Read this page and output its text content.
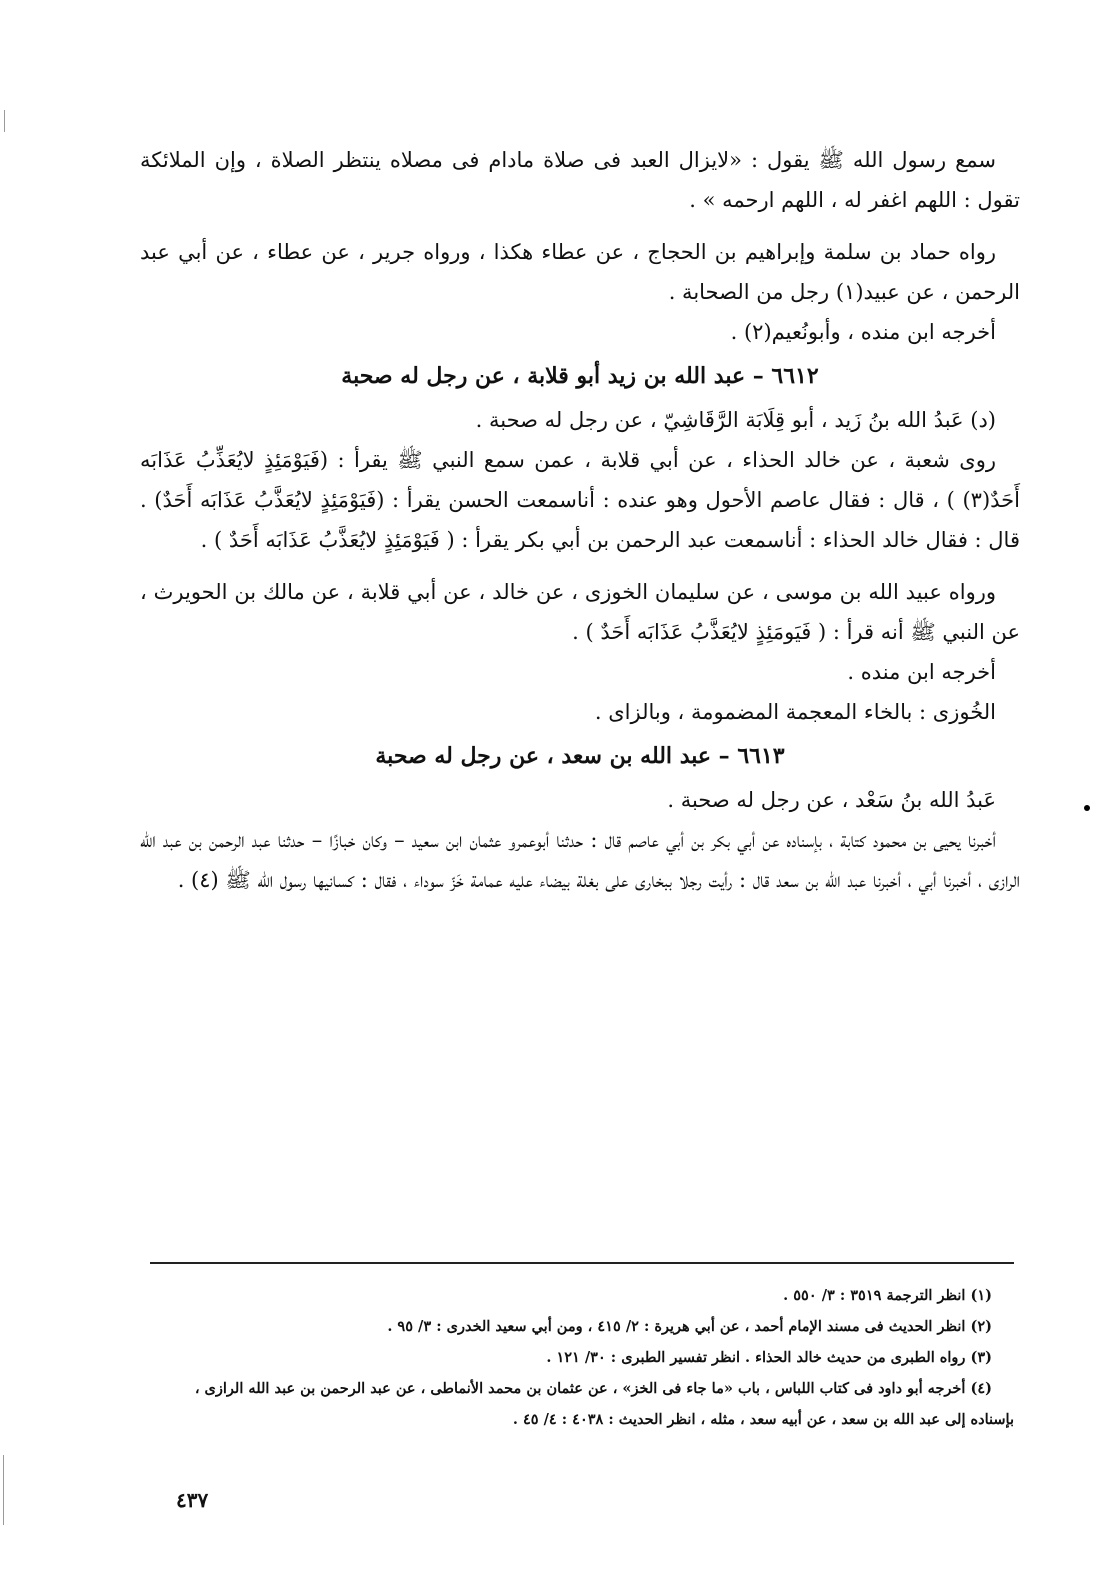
سمع رسول الله ﷺ يقول : «لايزال العبد فى صلاة مادام فى مصلاه ينتظر الصلاة ، وإن الملائكة تقول : اللهم اغفر له ، اللهم ارحمه » .

رواه حماد بن سلمة وإبراهيم بن الحجاج ، عن عطاء هكذا ، ورواه جرير ، عن عطاء ، عن أبي عبد الرحمن ، عن عبيد(١) رجل من الصحابة .

أخرجه ابن منده ، وأبونُعيم(٢) .

٦٦١٢ – عبد الله بن زيد أبو قلابة ، عن رجل له صحبة

(د) عَبدُ الله بنُ زَيد ، أبو قِلَابَة الرَّقَاشِيّ ، عن رجل له صحبة .

روى شعبة ، عن خالد الحذاء ، عن أبي قلابة ، عمن سمع النبي ﷺ يقرأ : (فَيَوْمَئِذٍ لايُعَذِّبُ عَذَابَه أَحَدٌ(٣) ) ، قال : فقال عاصم الأحول وهو عنده : أناسمعت الحسن يقرأ : (فَيَوْمَئِذٍ لايُعَذَّبُ عَذَابَه أَحَدٌ) . قال : فقال خالد الحذاء : أناسمعت عبد الرحمن بن أبي بكر يقرأ : ( فَيَوْمَئِذٍ لايُعَذَّبُ عَذَابَه أَحَدٌ ) .

ورواه عبيد الله بن موسى ، عن سليمان الخوزى ، عن خالد ، عن أبي قلابة ، عن مالك بن الحويرث ، عن النبي ﷺ أنه قرأ : ( فَيَومَئِذٍ لايُعَذَّبُ عَذَابَه أَحَدٌ ) .

أخرجه ابن منده .

الخُوزى : بالخاء المعجمة المضمومة ، وبالزاى .

٦٦١٣ – عبد الله بن سعد ، عن رجل له صحبة

عَبدُ الله بنُ سَعْد ، عن رجل له صحبة .

أخبرنا يحيى بن محمود كتابة ، بإسناده عن أبي بكر بن أبي عاصم قال : حدثنا أبوعمرو عثمان ابن سعيد – وكان خبازًا – حدثنا عبد الرحمن بن عبد الله الرازى ، أخبرنا أبي ، أخبرنا عبد الله بن سعد قال : رأيت رجلا ببخارى على بغلة بيضاء عليه عمامة خَزّ سوداء ، فقال : كسانيها رسول الله ﷺ (٤) .

(١) انظر الترجمة ٣٥١٩ : ٣/ ٥٥٠ .

(٢) انظر الحديث فى مسند الإمام أحمد ، عن أبي هريرة : ٢/ ٤١٥ ، ومن أبي سعيد الخدرى : ٣/ ٩٥ .

(٣) رواه الطبرى من حديث خالد الحذاء . انظر تفسير الطبرى : ٣٠/ ١٢١ .

(٤) أخرجه أبو داود فى كتاب اللباس ، باب «ما جاء فى الخز» ، عن عثمان بن محمد الأنماطى ، عن عبد الرحمن بن عبد الله الرازى ، بإسناده إلى عبد الله بن سعد ، عن أبيه سعد ، مثله ، انظر الحديث : ٤٠٣٨ : ٤/ ٤٥ .

٤٣٧
